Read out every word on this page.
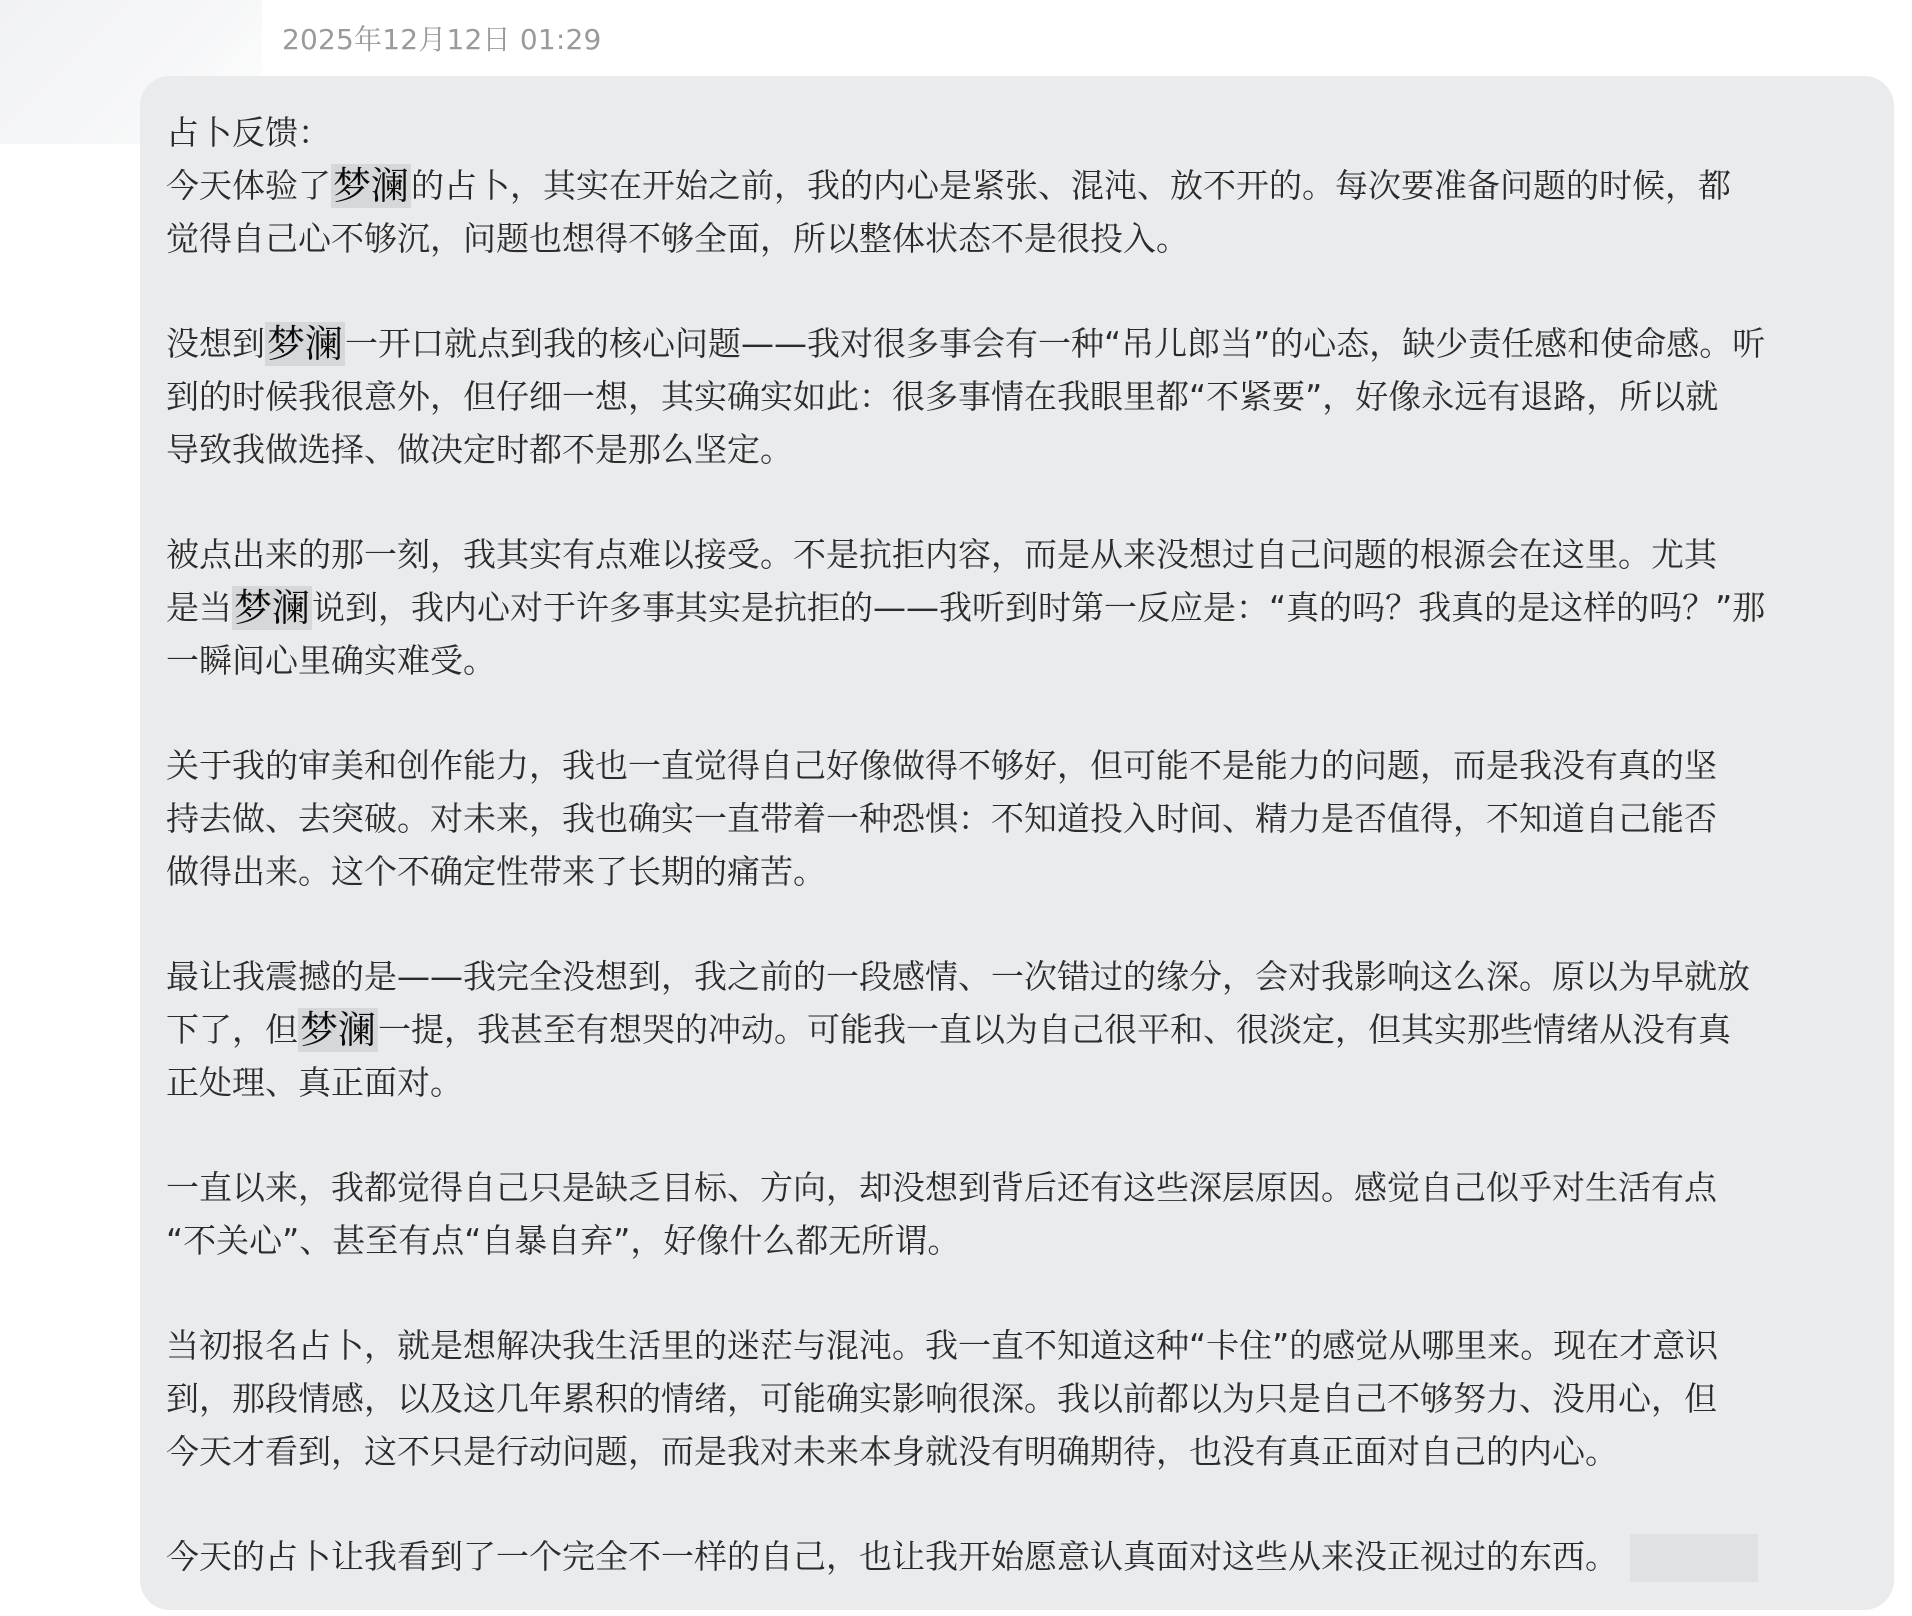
2025年12月12日 01:29
占卜反馈：
今天体验了梦澜的占卜，其实在开始之前，我的内心是紧张、混沌、放不开的。每次要准备问题的时候，都
觉得自己心不够沉，问题也想得不够全面，所以整体状态不是很投入。
没想到梦澜一开口就点到我的核心问题——我对很多事会有一种“吊儿郎当”的心态，缺少责任感和使命感。听
到的时候我很意外，但仔细一想，其实确实如此：很多事情在我眼里都“不紧要”，好像永远有退路，所以就
导致我做选择、做决定时都不是那么坚定。
被点出来的那一刻，我其实有点难以接受。不是抗拒内容，而是从来没想过自己问题的根源会在这里。尤其
是当梦澜说到，我内心对于许多事其实是抗拒的——我听到时第一反应是：“真的吗？我真的是这样的吗？”那
一瞬间心里确实难受。
关于我的审美和创作能力，我也一直觉得自己好像做得不够好，但可能不是能力的问题，而是我没有真的坚
持去做、去突破。对未来，我也确实一直带着一种恐惧：不知道投入时间、精力是否值得，不知道自己能否
做得出来。这个不确定性带来了长期的痛苦。
最让我震撼的是——我完全没想到，我之前的一段感情、一次错过的缘分，会对我影响这么深。原以为早就放
下了，但梦澜一提，我甚至有想哭的冲动。可能我一直以为自己很平和、很淡定，但其实那些情绪从没有真
正处理、真正面对。
一直以来，我都觉得自己只是缺乏目标、方向，却没想到背后还有这些深层原因。感觉自己似乎对生活有点
“不关心”、甚至有点“自暴自弃”，好像什么都无所谓。
当初报名占卜，就是想解决我生活里的迷茫与混沌。我一直不知道这种“卡住”的感觉从哪里来。现在才意识
到，那段情感，以及这几年累积的情绪，可能确实影响很深。我以前都以为只是自己不够努力、没用心，但
今天才看到，这不只是行动问题，而是我对未来本身就没有明确期待，也没有真正面对自己的内心。
今天的占卜让我看到了一个完全不一样的自己，也让我开始愿意认真面对这些从来没正视过的东西。
